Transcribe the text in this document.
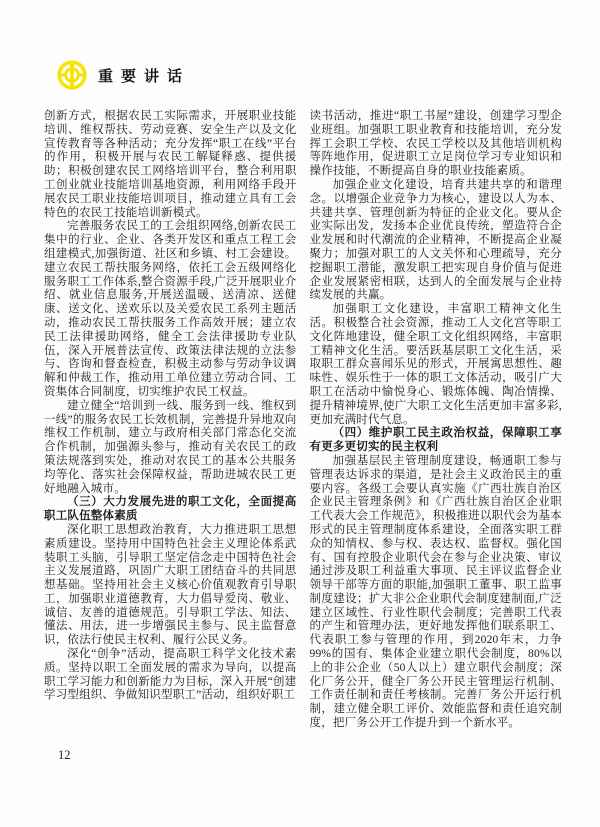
重要讲话

创新方式，根据农民工实际需求，开展职业技能培训、维权帮扶、劳动竞赛、安全生产以及文化宣传教育等各种活动；充分发挥“职工在线”平台的作用，积极开展与农民工解疑释惑、提供援助；积极创建农民工网络培训平台，整合利用职工创业就业技能培训基地资源，利用网络手段开展农民工职业技能培训项目，推动建立具有工会特色的农民工技能培训新模式。

完善服务农民工的工会组织网络,创新农民工集中的行业、企业、各类开发区和重点工程工会组建模式,加强街道、社区和乡镇、村工会建设。建立农民工帮扶服务网络，依托工会五级网络化服务职工工作体系,整合资源手段,广泛开展职业介绍、就业信息服务,开展送温暖、送清凉、送健康、送文化、送欢乐以及关爱农民工系列主题活动，推动农民工帮扶服务工作高效开展；建立农民工法律援助网络，健全工会法律援助专业队伍，深入开展普法宣传、政策法律法规的立法参与、咨询和督查检查，积极主动参与劳动争议调解和仲裁工作，推动用工单位建立劳动合同、工资集体合同制度，切实维护农民工权益。

建立健全“培训到一线、服务到一线、维权到一线”的服务农民工长效机制，完善提升异地双向维权工作机制，建立与政府相关部门常态化交流合作机制，加强源头参与，推动有关农民工的政策法规落到实处，推动对农民工的基本公共服务均等化、落实社会保障权益，帮助进城农民工更好地融入城市。

（三）大力发展先进的职工文化，全面提高职工队伍整体素质

深化职工思想政治教育，大力推进职工思想素质建设。坚持用中国特色社会主义理论体系武装职工头脑，引导职工坚定信念走中国特色社会主义发展道路，巩固广大职工团结奋斗的共同思想基础。坚持用社会主义核心价值观教育引导职工，加强职业道德教育，大力倡导爱岗、敬业、诚信、友善的道德规范。引导职工学法、知法、懂法、用法，进一步增强民主参与、民主监督意识，依法行使民主权利、履行公民义务。

深化“创争”活动，提高职工科学文化技术素质。坚持以职工全面发展的需求为导向，以提高职工学习能力和创新能力为目标，深入开展“创建学习型组织、争做知识型职工”活动，组织好职工

读书活动，推进“职工书屋”建设，创建学习型企业班组。加强职工职业教育和技能培训，充分发挥工会职工学校、农民工学校以及其他培训机构等阵地作用，促进职工立足岗位学习专业知识和操作技能，不断提高自身的职业技能素质。

加强企业文化建设，培育共建共享的和谐理念。以增强企业竞争力为核心，建设以人为本、共建共享、管理创新为特征的企业文化。要从企业实际出发，发扬本企业优良传统，塑造符合企业发展和时代潮流的企业精神，不断提高企业凝聚力；加强对职工的人文关怀和心理疏导，充分挖掘职工潜能，激发职工把实现自身价值与促进企业发展紧密相联，达到人的全面发展与企业持续发展的共赢。

加强职工文化建设，丰富职工精神文化生活。积极整合社会资源，推动工人文化宫等职工文化阵地建设，健全职工文化组织网络，丰富职工精神文化生活。要活跃基层职工文化生活，采取职工群众喜闻乐见的形式，开展寓思想性、趣味性、娱乐性于一体的职工文体活动，吸引广大职工在活动中愉悦身心、锻炼体魄、陶冶情操、提升精神境界,使广大职工文化生活更加丰富多彩,更加充满时代气息。

（四）维护职工民主政治权益，保障职工享有更多更切实的民主权利

加强基层民主管理制度建设，畅通职工参与管理表达诉求的渠道，是社会主义政治民主的重要内容。各级工会要认真实施《广西壮族自治区企业民主管理条例》和《广西壮族自治区企业职工代表大会工作规范》，积极推进以职代会为基本形式的民主管理制度体系建设，全面落实职工群众的知情权、参与权、表达权、监督权。强化国有、国有控股企业职代会在参与企业决策、审议通过涉及职工利益重大事项、民主评议监督企业领导干部等方面的职能,加强职工董事、职工监事制度建设；扩大非公企业职代会制度建制面,广泛建立区域性、行业性职代会制度；完善职工代表的产生和管理办法，更好地发挥他们联系职工、代表职工参与管理的作用，到2020年末，力争99%的国有、集体企业建立职代会制度，80%以上的非公企业（50人以上）建立职代会制度；深化厂务公开，健全厂务公开民主管理运行机制、工作责任制和责任考核制。完善厂务公开运行机制，建立健全职工评价、效能监督和责任追究制度，把厂务公开工作提升到一个新水平。

12
